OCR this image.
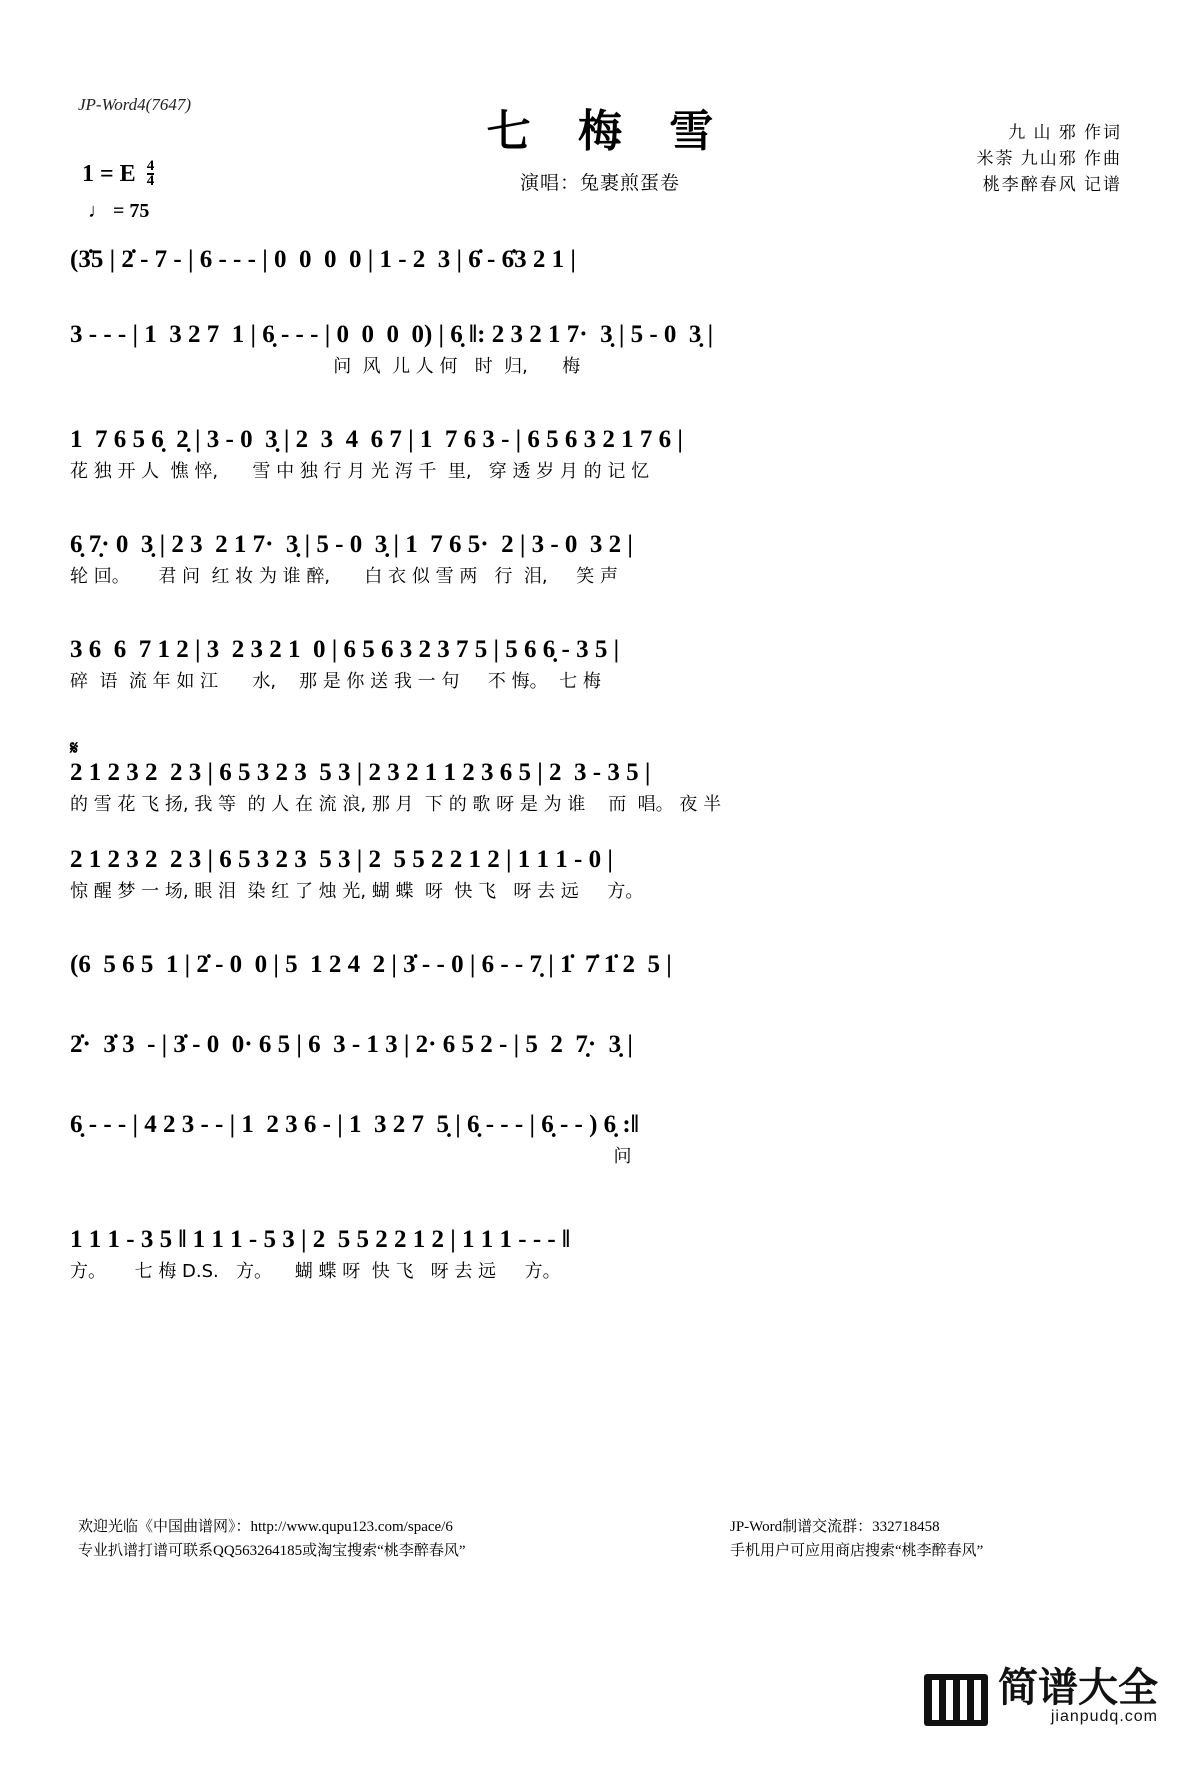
JP-Word4(7647)
七 梅 雪
演唱：兔裹煎蛋卷
九 山 邪 作词
米荼 九山邪 作曲
桃李醉春风 记谱
1 = E $\frac{4}{4}$
♩ = 75
(3̇5 | 2̇ - 7 - | 6 - - - | 0  0  0  0 | 1 - 2  3 | 6̇ - 6̇3 2 1 |
3 - - - | 1  3 2 7  1 | 6̣ - - - | 0  0  0  0) | 6̣ ‖: 2 3 2 1 7·  3̣ | 5 - 0  3̣ |
问  风  儿 人 何   时  归,      梅
1  7 6 5 6̣  2̣ | 3 - 0  3̣ | 2  3  4  6 7 | 1  7 6 3 - | 6 5 6 3 2 1 7 6 |
花 独 开 人  憔 悴,      雪 中 独 行 月 光 泻 千  里,   穿 透 岁 月 的 记 忆
6̣ 7̣· 0  3̣ | 2 3  2 1 7·  3̣ | 5 - 0  3̣ | 1  7 6 5·  2 | 3 - 0  3 2 |
轮 回。     君 问  红 妆 为 谁 醉,      白 衣 似 雪 两   行  泪,     笑 声
3 6  6  7 1 2 | 3  2 3 2 1  0 | 6 5 6 3 2 3 7 5 | 5 6 6̣ - 3 5 |
碎  语  流 年 如 江      水,    那 是 你 送 我 一 句     不 悔。  七 梅
𝄋
2 1 2 3 2  2 3 | 6 5 3 2 3  5 3 | 2 3 2 1 1 2 3 6 5 | 2  3 - 3 5 |
的 雪 花 飞 扬, 我 等  的 人 在 流 浪, 那 月  下 的 歌 呀 是 为 谁    而  唱。 夜 半
2 1 2 3 2  2 3 | 6 5 3 2 3  5 3 | 2  5 5 2 2 1 2 | 1 1 1 - 0 |
惊 醒 梦 一 场, 眼 泪  染 红 了 烛 光, 蝴 蝶  呀  快 飞   呀 去 远     方。
(6  5 6 5  1 | 2̇ - 0  0 | 5  1 2 4  2 | 3̇ - - 0 | 6 - - 7̣ | 1̇  7̇ 1̇ 2  5 |
2̇·  3̇ 3  - | 3̇ - 0  0· 6 5 | 6  3 - 1 3 | 2· 6 5 2 - | 5  2  7̣·  3̣ |
6̣ - - - | 4 2 3 - - | 1  2 3 6 - | 1  3 2 7  5̣ | 6̣ - - - | 6̣ - - ) 6̣ :‖
问
1 1 1 - 3 5 ‖ 1 1 1 - 5 3 | 2  5 5 2 2 1 2 | 1 1 1 - - - ‖
方。     七 梅 D.S.   方。    蝴 蝶 呀  快 飞   呀 去 远     方。
欢迎光临《中国曲谱网》：http://www.qupu123.com/space/6
专业扒谱打谱可联系QQ563264185或淘宝搜索“桃李醉春风”
JP-Word制谱交流群：332718458
手机用户可应用商店搜索“桃李醉春风”
简谱大全
jianpudq.com
